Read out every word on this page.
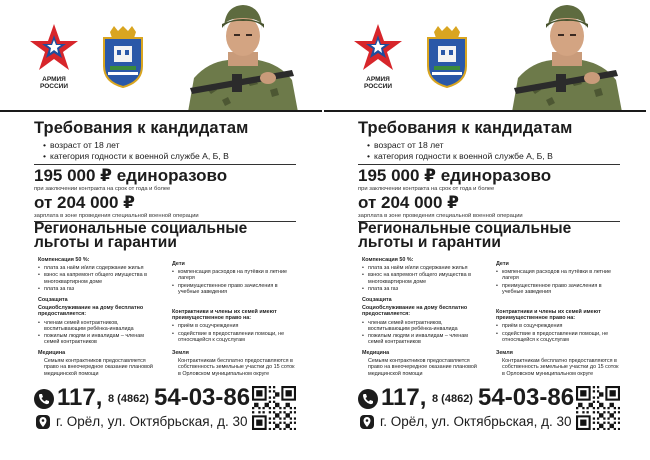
АРМИЯ
РОССИИ
Требования к кандидатам
• возраст от 18 лет
• категория годности к военной службе А, Б, В
195 000 ₽ единоразово
при заключении контракта на срок от года и более
от 204 000 ₽
зарплата в зоне проведения специальной военной операции
Региональные социальные
льготы и гарантии
Компенсация 50 %:
• плата за наём и/или содержание жилья
• взнос на капремонт общего имущества в многоквартирном доме
• плата за газ
Дети
• компенсация расходов на путёвки в летние лагеря
• преимущественное право зачисления в учебные заведения
Соцзащита
Социобслуживание на дому бесплатно предоставляется:
• членам семей контрактников, воспитывающим ребёнка-инвалида
• пожилым людям и инвалидам – членам семей контрактников
Контрактники и члены их семей имеют преимущественное право на:
• приём в соцучреждения
• содействие в предоставлении помощи, не относящейся к соцуслугам
Медицина
Семьям контрактников предоставляется право на внеочередное оказание плановой медицинской помощи
Земля
Контрактникам бесплатно предоставляются в собственность земельные участки до 15 соток в Орловском муниципальном округе
117, 8 (4862) 54-03-86
г. Орёл, ул. Октябрьская, д. 30
АРМИЯ
РОССИИ
Требования к кандидатам
• возраст от 18 лет
• категория годности к военной службе А, Б, В
195 000 ₽ единоразово
при заключении контракта на срок от года и более
от 204 000 ₽
зарплата в зоне проведения специальной военной операции
Региональные социальные
льготы и гарантии
Компенсация 50 %:
• плата за наём и/или содержание жилья
• взнос на капремонт общего имущества в многоквартирном доме
• плата за газ
Дети
• компенсация расходов на путёвки в летние лагеря
• преимущественное право зачисления в учебные заведения
Соцзащита
Социобслуживание на дому бесплатно предоставляется:
• членам семей контрактников, воспитывающим ребёнка-инвалида
• пожилым людям и инвалидам – членам семей контрактников
Контрактники и члены их семей имеют преимущественное право на:
• приём в соцучреждения
• содействие в предоставлении помощи, не относящейся к соцуслугам
Медицина
Семьям контрактников предоставляется право на внеочередное оказание плановой медицинской помощи
Земля
Контрактникам бесплатно предоставляются в собственность земельные участки до 15 соток в Орловском муниципальном округе
117, 8 (4862) 54-03-86
г. Орёл, ул. Октябрьская, д. 30
